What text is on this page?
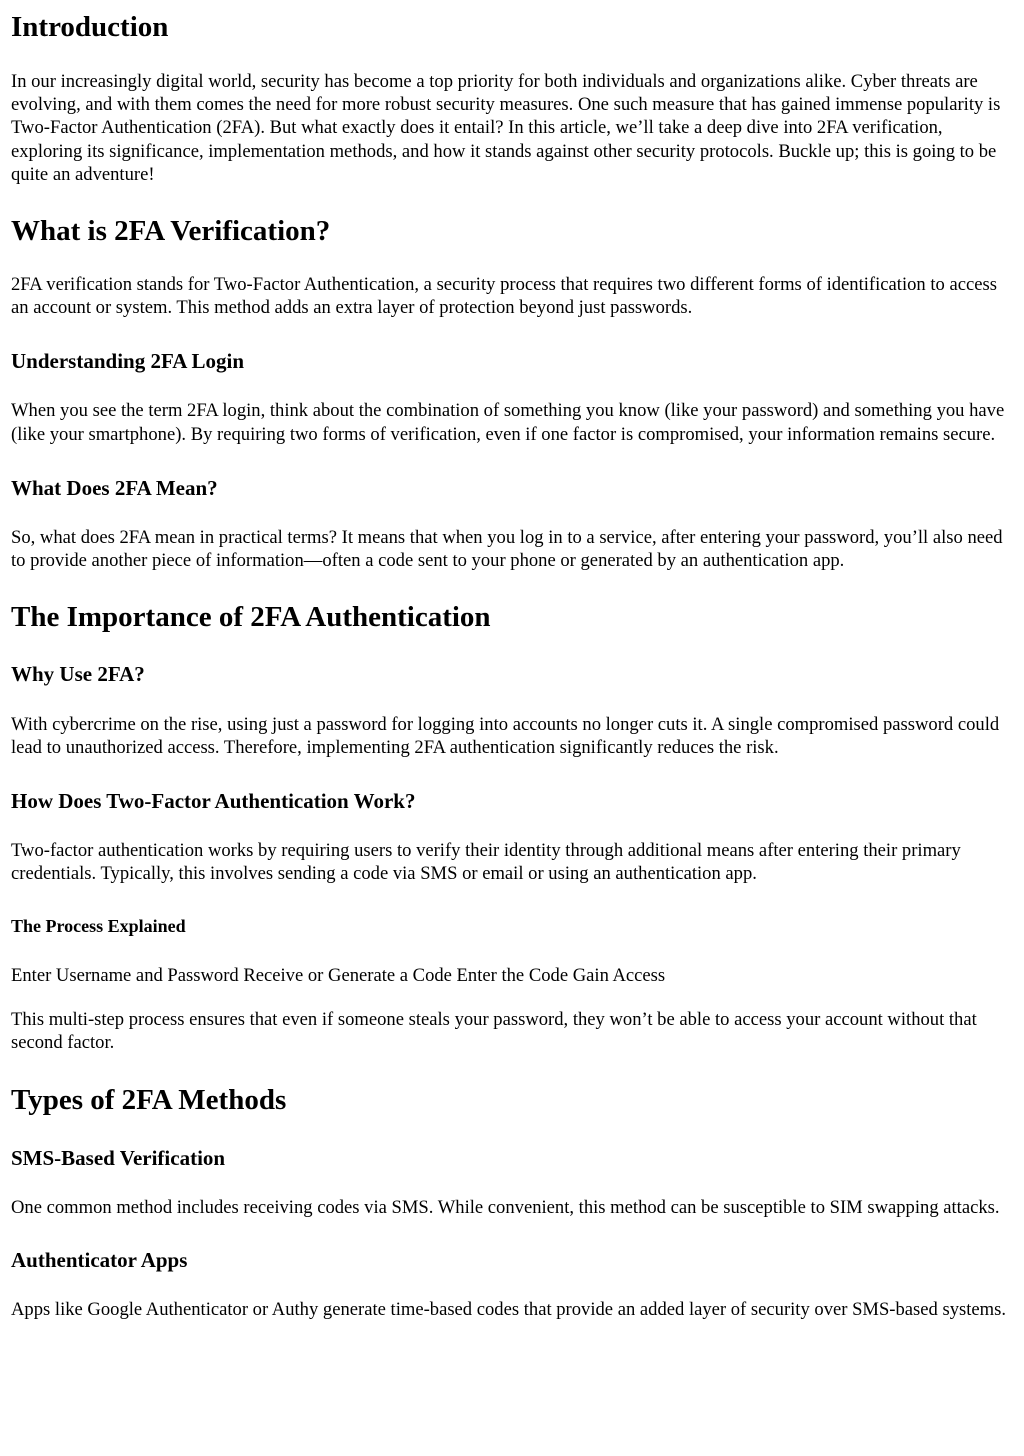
Introduction

In our increasingly digital world, security has become a top priority for both individuals and organizations alike. Cyber threats are evolving, and with them comes the need for more robust security measures. One such measure that has gained immense popularity is Two-Factor Authentication (2FA). But what exactly does it entail? In this article, we’ll take a deep dive into 2FA verification, exploring its significance, implementation methods, and how it stands against other security protocols. Buckle up; this is going to be quite an adventure!

What is 2FA Verification?

2FA verification stands for Two-Factor Authentication, a security process that requires two different forms of identification to access an account or system. This method adds an extra layer of protection beyond just passwords.

Understanding 2FA Login

When you see the term 2FA login, think about the combination of something you know (like your password) and something you have (like your smartphone). By requiring two forms of verification, even if one factor is compromised, your information remains secure.

What Does 2FA Mean?

So, what does 2FA mean in practical terms? It means that when you log in to a service, after entering your password, you’ll also need to provide another piece of information—often a code sent to your phone or generated by an authentication app.

The Importance of 2FA Authentication
Why Use 2FA?

With cybercrime on the rise, using just a password for logging into accounts no longer cuts it. A single compromised password could lead to unauthorized access. Therefore, implementing 2FA authentication significantly reduces the risk.

How Does Two-Factor Authentication Work?

Two-factor authentication works by requiring users to verify their identity through additional means after entering their primary credentials. Typically, this involves sending a code via SMS or email or using an authentication app.

The Process Explained

Enter Username and Password Receive or Generate a Code Enter the Code Gain Access

This multi-step process ensures that even if someone steals your password, they won’t be able to access your account without that second factor.

Types of 2FA Methods
SMS-Based Verification

One common method includes receiving codes via SMS. While convenient, this method can be susceptible to SIM swapping attacks.

Authenticator Apps

Apps like Google Authenticator or Authy generate time-based codes that provide an added layer of security over SMS-based systems.
